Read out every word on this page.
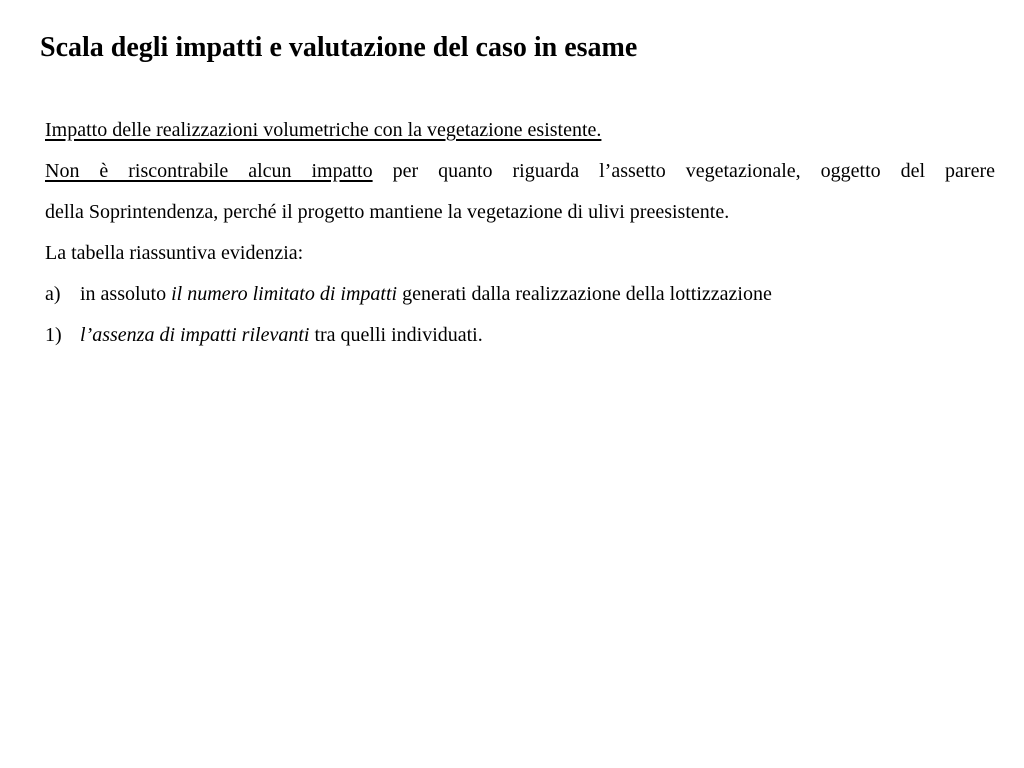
Scala degli impatti e valutazione del caso in esame

Impatto delle realizzazioni volumetriche con la vegetazione esistente.

Non è riscontrabile alcun impatto per quanto riguarda l’assetto vegetazionale, oggetto del parere

della Soprintendenza, perché il progetto mantiene la vegetazione di ulivi preesistente.

La tabella riassuntiva evidenzia:

a) in assoluto il numero limitato di impatti generati dalla realizzazione della lottizzazione

1) l’assenza di impatti rilevanti tra quelli individuati.
